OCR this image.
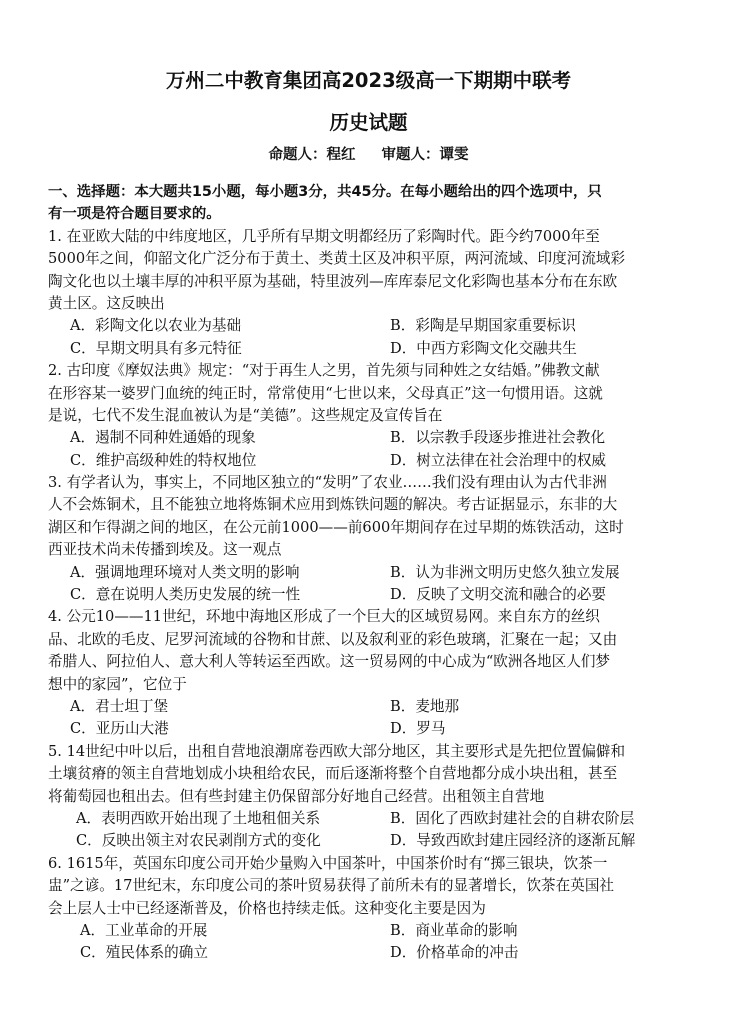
万州二中教育集团高2023级高一下期期中联考
历史试题
命题人：程红 审题人：谭雯
一、选择题：本大题共15小题，每小题3分，共45分。在每小题给出的四个选项中，只
有一项是符合题目要求的。
1. 在亚欧大陆的中纬度地区，几乎所有早期文明都经历了彩陶时代。距今约7000年至
5000年之间，仰韶文化广泛分布于黄土、类黄土区及冲积平原，两河流域、印度河流域彩
陶文化也以土壤丰厚的冲积平原为基础，特里波列—库库泰尼文化彩陶也基本分布在东欧
黄土区。这反映出
A．彩陶文化以农业为基础	B．彩陶是早期国家重要标识
C．早期文明具有多元特征	D．中西方彩陶文化交融共生
2. 古印度《摩奴法典》规定：“对于再生人之男，首先须与同种姓之女结婚。”佛教文献
在形容某一婆罗门血统的纯正时，常常使用“七世以来，父母真正”这一句惯用语。这就
是说，七代不发生混血被认为是“美德”。这些规定及宣传旨在
A．遏制不同种姓通婚的现象	B．以宗教手段逐步推进社会教化
C．维护高级种姓的特权地位	D．树立法律在社会治理中的权威
3. 有学者认为，事实上，不同地区独立的“发明”了农业……我们没有理由认为古代非洲
人不会炼铜术，且不能独立地将炼铜术应用到炼铁问题的解决。考古证据显示，东非的大
湖区和乍得湖之间的地区，在公元前1000——前600年期间存在过早期的炼铁活动，这时
西亚技术尚未传播到埃及。这一观点
A．强调地理环境对人类文明的影响	B．认为非洲文明历史悠久独立发展
C．意在说明人类历史发展的统一性	D．反映了文明交流和融合的必要
4. 公元10——11世纪，环地中海地区形成了一个巨大的区域贸易网。来自东方的丝织
品、北欧的毛皮、尼罗河流域的谷物和甘蔗、以及叙利亚的彩色玻璃，汇聚在一起；又由
希腊人、阿拉伯人、意大利人等转运至西欧。这一贸易网的中心成为“欧洲各地区人们梦
想中的家园”，它位于
A．君士坦丁堡	B．麦地那
C．亚历山大港	D．罗马
5. 14世纪中叶以后，出租自营地浪潮席卷西欧大部分地区，其主要形式是先把位置偏僻和
土壤贫瘠的领主自营地划成小块租给农民，而后逐渐将整个自营地都分成小块出租，甚至
将葡萄园也租出去。但有些封建主仍保留部分好地自己经营。出租领主自营地
A．表明西欧开始出现了土地租佃关系	B．固化了西欧封建社会的自耕农阶层
C．反映出领主对农民剥削方式的变化	D．导致西欧封建庄园经济的逐渐瓦解
6. 1615年，英国东印度公司开始少量购入中国茶叶，中国茶价时有“掷三银块，饮茶一
盅”之谚。17世纪末，东印度公司的茶叶贸易获得了前所未有的显著增长，饮茶在英国社
会上层人士中已经逐渐普及，价格也持续走低。这种变化主要是因为
A．工业革命的开展	B．商业革命的影响
C．殖民体系的确立	D．价格革命的冲击
